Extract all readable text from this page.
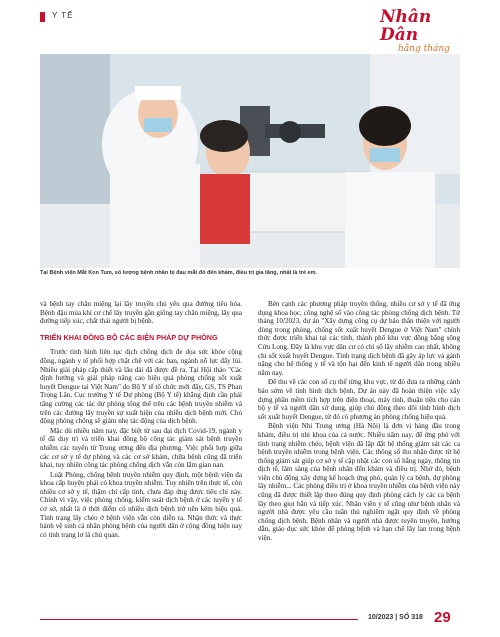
Y TẾ	Nhân Dân
hằng tháng
Tại Bệnh viện Mắt Kon Tum, số lượng bệnh nhân bị đau mắt đỏ đến khám, điều trị gia tăng, nhất là trẻ em.

và bệnh tay chân miệng lại lây truyền chủ yếu qua đường tiêu hóa. Bệnh đậu mùa khỉ cơ chế lây truyền gần giống tay chân miệng, lây qua đường tiếp xúc, chất thải người bị bệnh.

TRIỂN KHAI ĐỒNG BỘ CÁC BIỆN PHÁP DỰ PHÒNG

Trước tình hình liên tục dịch chồng dịch đe dọa sức khỏe cộng đồng, ngành y tế phối hợp chặt chẽ với các ban, ngành nỗ lực đẩy lùi. Nhiều giải pháp cấp thiết và lâu dài đã được đề ra. Tại Hội thảo "Các định hướng và giải pháp nâng cao hiệu quả phòng chống sốt xuất huyết Dengue tại Việt Nam" do Bộ Y tế tổ chức mới đây, GS, TS Phan Trọng Lân, Cục trưởng Y tế Dự phòng (Bộ Y tế) khẳng định cần phải tăng cường các tác dự phòng tổng thể trên các bệnh truyền nhiễm và trên các đường lây truyền sự xuất hiện của nhiều dịch bệnh mới. Chủ động phòng chống sẽ giảm nhẹ tác động của dịch bệnh.

Mặc dù nhiều năm nay, đặc biệt từ sau đại dịch Covid-19, ngành y tế đã duy trì và triển khai đồng bộ công tác giám sát bệnh truyền nhiễm các tuyến từ Trung ương đến địa phương. Việc phối hợp giữa các cơ sở y tế dự phòng và các cơ sở khám, chữa bệnh cũng đã triển khai, tuy nhiên công tác phòng chống dịch vẫn còn lắm gian nan.

Luật Phòng, chống bệnh truyền nhiễm quy định, một bệnh viện đa khoa cấp huyện phải có khoa truyền nhiễm. Tuy nhiên trên thực tế, còn nhiều cơ sở y tế, thậm chí cấp tỉnh, chưa đáp ứng được tiêu chí này. Chính vì vậy, việc phòng chống, kiểm soát dịch bệnh ở các tuyến y tế cơ sở, nhất là ở thời điểm có nhiều dịch bệnh trở nên kém hiệu quả. Tình trạng lây chéo ở bệnh viện vẫn còn diễn ra. Nhận thức và thực hành vệ sinh cá nhân phòng bệnh của người dân ở cộng đồng hiện nay có tình trạng lơ là chủ quan.

Bên cạnh các phương pháp truyền thống, nhiều cơ sở y tế đã ứng dụng khoa học, công nghệ số vào công tác phòng chống dịch bệnh. Từ tháng 10/2023, dự án "Xây dựng công cụ dự báo thân thiện với người dùng trong phòng, chống sốt xuất huyết Dengue ở Việt Nam" chính thức được triển khai tại các tỉnh, thành phố khu vực đồng bằng sông Cửu Long. Đây là khu vực dân cư có chỉ số lây nhiễm cao nhất, không chỉ sốt xuất huyết Dengue. Tình trạng dịch bệnh đã gây áp lực và gánh nặng cho hệ thống y tế và tốn hại đến kinh tế người dân trong nhiều năm nay.

Để thu về các con số cụ thể từng khu vực, từ đó đưa ra những cảnh báo sớm về tình hình dịch bệnh, Dự án này đã hoàn thiện việc xây dựng phần mềm tích hợp trên điện thoại, máy tính, thuận tiện cho cán bộ y tế và người dân sử dụng, giúp chủ động theo dõi tình hình dịch sốt xuất huyết Dengue, từ đó có phương án phòng chống hiệu quả.

Bệnh viện Nhi Trung ương (Hà Nội) là đơn vị hàng đầu trong khám, điều trị nhi khoa của cả nước. Nhiều năm nay, để ứng phó với tình trạng nhiễm chéo, bệnh viện đã lập đặt hệ thống giám sát các ca bệnh truyền nhiễm trong bệnh viện. Các thông số thu nhận được từ hệ thống giám sát giúp cơ sở y tế cập nhật các con số hằng ngày, thông tin dịch tễ, lâm sàng của bệnh nhân đến khám và điều trị. Nhờ đó, bệnh viện chủ động xây dựng kế hoạch ứng phó, quản lý ca bệnh, dự phòng lây nhiễm... Các phòng điều trị ở khoa truyền nhiễm của bệnh viện này cũng đã được thiết lập theo đúng quy định phòng cách ly các ca bệnh lây theo giọt bắn và tiếp xúc. Nhân viên y tế cũng như bệnh nhân và người nhà được yêu cầu tuân thủ nghiêm ngặt quy định về phòng chống dịch bệnh. Bệnh nhân và người nhà được tuyên truyền, hướng dẫn, giáo dục sức khỏe để phòng bệnh và hạn chế lây lan trong bệnh viện.

10/2023 | SỐ 318 29
